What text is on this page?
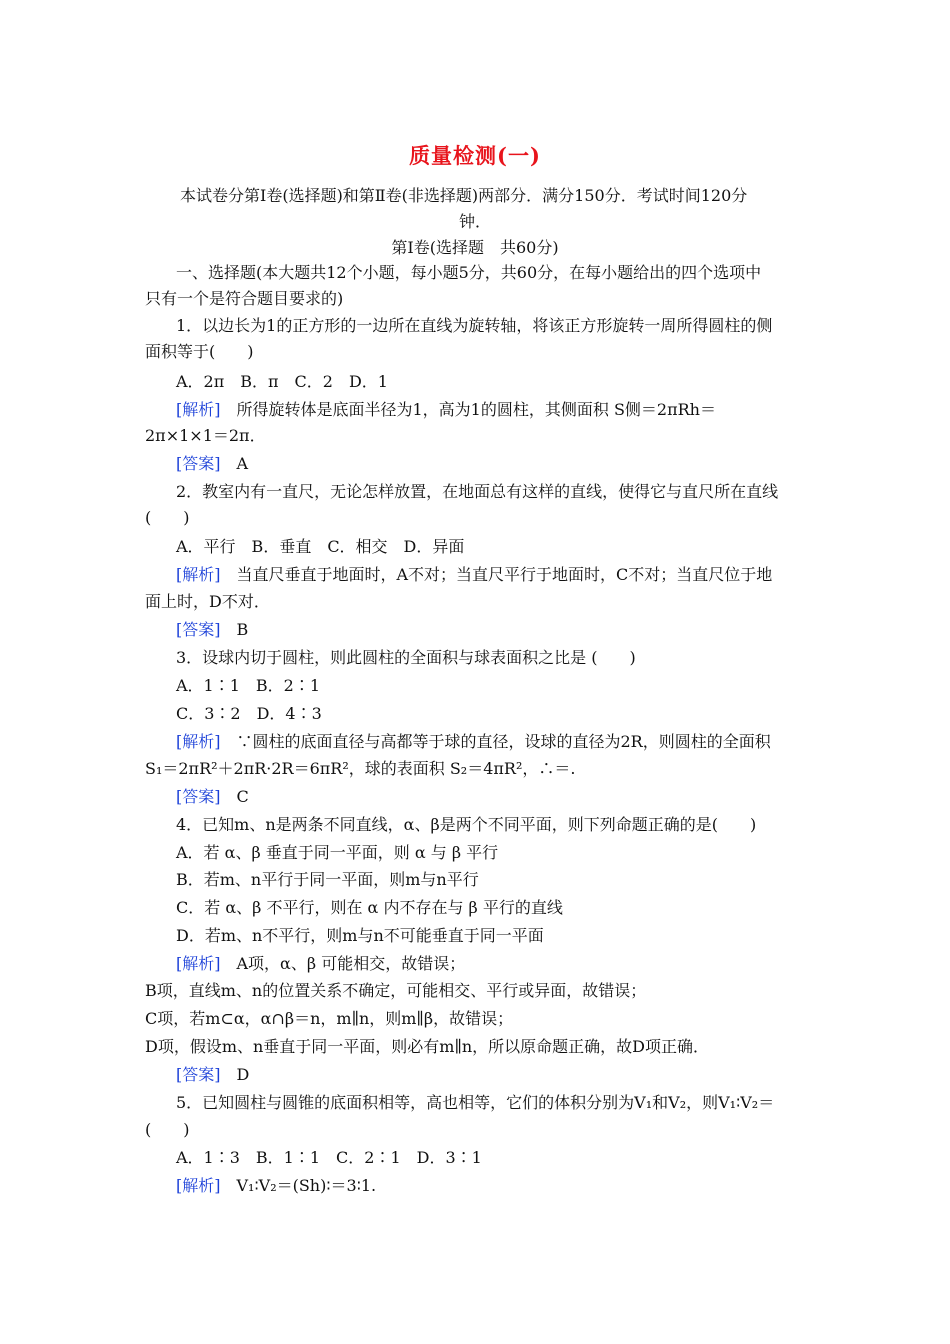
质量检测(一)
本试卷分第Ⅰ卷(选择题)和第Ⅱ卷(非选择题)两部分．满分150分．考试时间120分
钟．
第Ⅰ卷(选择题　共60分)
一、选择题(本大题共12个小题，每小题5分，共60分，在每小题给出的四个选项中
只有一个是符合题目要求的)
1．以边长为1的正方形的一边所在直线为旋转轴，将该正方形旋转一周所得圆柱的侧
面积等于(　　)
A．2π　B．π　C．2　D．1
[解析] 所得旋转体是底面半径为1，高为1的圆柱，其侧面积 S侧＝2πRh＝
2π×1×1＝2π．
[答案] A
2．教室内有一直尺，无论怎样放置，在地面总有这样的直线，使得它与直尺所在直线
(　　)
A．平行　B．垂直　C．相交　D．异面
[解析] 当直尺垂直于地面时，A不对；当直尺平行于地面时，C不对；当直尺位于地
面上时，D不对．
[答案] B
3．设球内切于圆柱，则此圆柱的全面积与球表面积之比是 (　　)
A．1∶1　B．2∶1
C．3∶2　D．4∶3
[解析] ∵圆柱的底面直径与高都等于球的直径，设球的直径为2R，则圆柱的全面积
S₁＝2πR²＋2πR·2R＝6πR²，球的表面积 S₂＝4πR²，∴＝.
[答案] C
4．已知m、n是两条不同直线，α、β是两个不同平面，则下列命题正确的是(　　)
A．若 α、β 垂直于同一平面，则 α 与 β 平行
B．若m、n平行于同一平面，则m与n平行
C．若 α、β 不平行，则在 α 内不存在与 β 平行的直线
D．若m、n不平行，则m与n不可能垂直于同一平面
[解析] A项，α、β 可能相交，故错误；
B项，直线m、n的位置关系不确定，可能相交、平行或异面，故错误；
C项，若m⊂α，α∩β＝n，m∥n，则m∥β，故错误；
D项，假设m、n垂直于同一平面，则必有m∥n，所以原命题正确，故D项正确．
[答案] D
5．已知圆柱与圆锥的底面积相等，高也相等，它们的体积分别为V₁和V₂，则V₁∶V₂＝
(　　)
A．1∶3　B．1∶1　C．2∶1　D．3∶1
[解析] V₁∶V₂＝(Sh)∶＝3∶1.
